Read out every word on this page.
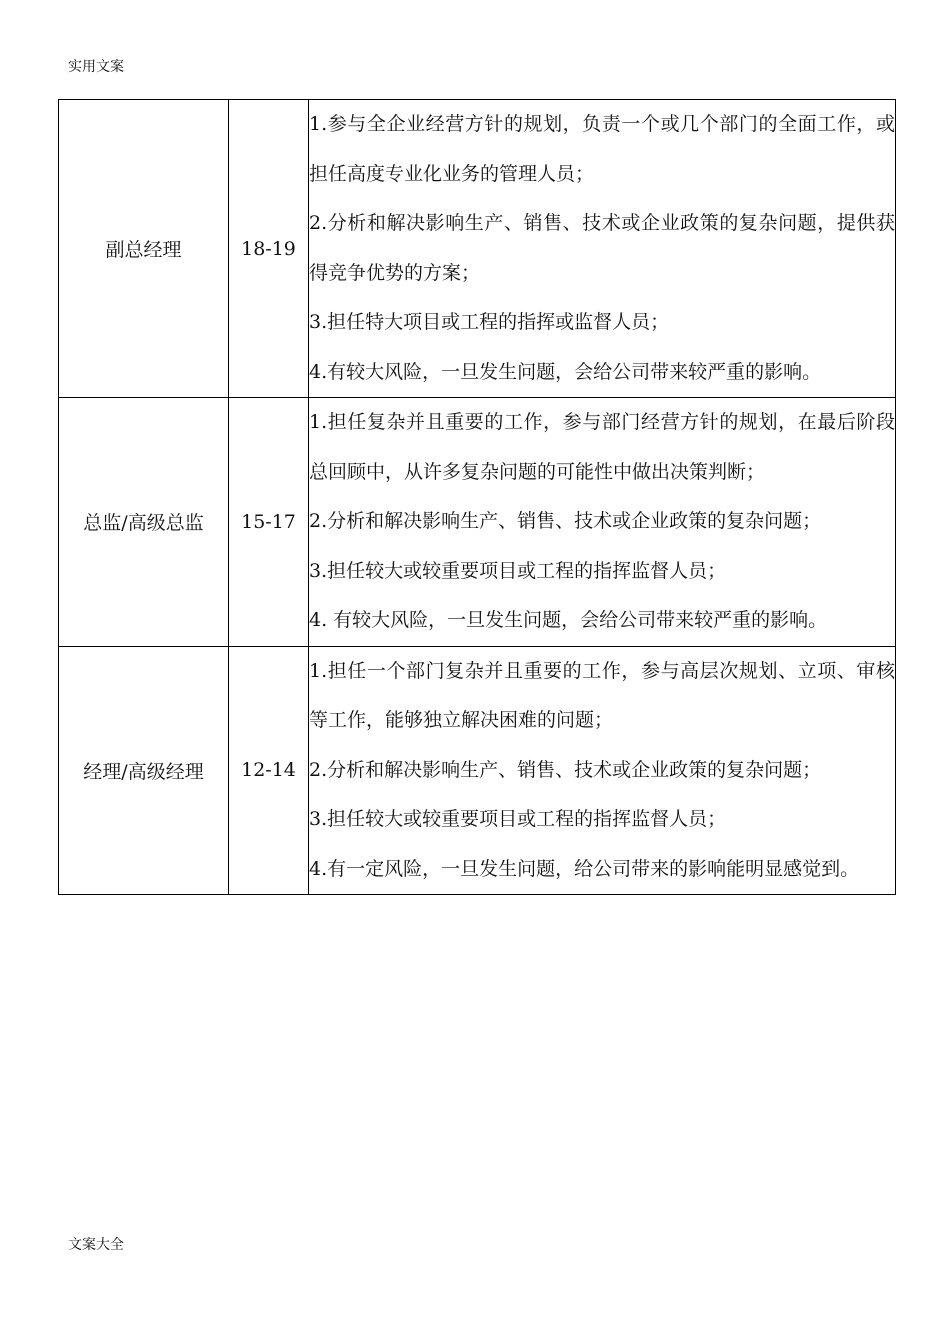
实用文案
副总经理	18-19	1.参与全企业经营方针的规划，负责一个或几个部门的全面工作，或担任高度专业化业务的管理人员；

2.分析和解决影响生产、销售、技术或企业政策的复杂问题，提供获得竞争优势的方案；

3.担任特大项目或工程的指挥或监督人员；

4.有较大风险，一旦发生问题，会给公司带来较严重的影响。

总监/高级总监	15-17	1.担任复杂并且重要的工作，参与部门经营方针的规划，在最后阶段总回顾中，从许多复杂问题的可能性中做出决策判断；

2.分析和解决影响生产、销售、技术或企业政策的复杂问题；

3.担任较大或较重要项目或工程的指挥监督人员；

4. 有较大风险，一旦发生问题，会给公司带来较严重的影响。

经理/高级经理	12-14	1.担任一个部门复杂并且重要的工作，参与高层次规划、立项、审核等工作，能够独立解决困难的问题；

2.分析和解决影响生产、销售、技术或企业政策的复杂问题；

3.担任较大或较重要项目或工程的指挥监督人员；

4.有一定风险，一旦发生问题，给公司带来的影响能明显感觉到。

文案大全
